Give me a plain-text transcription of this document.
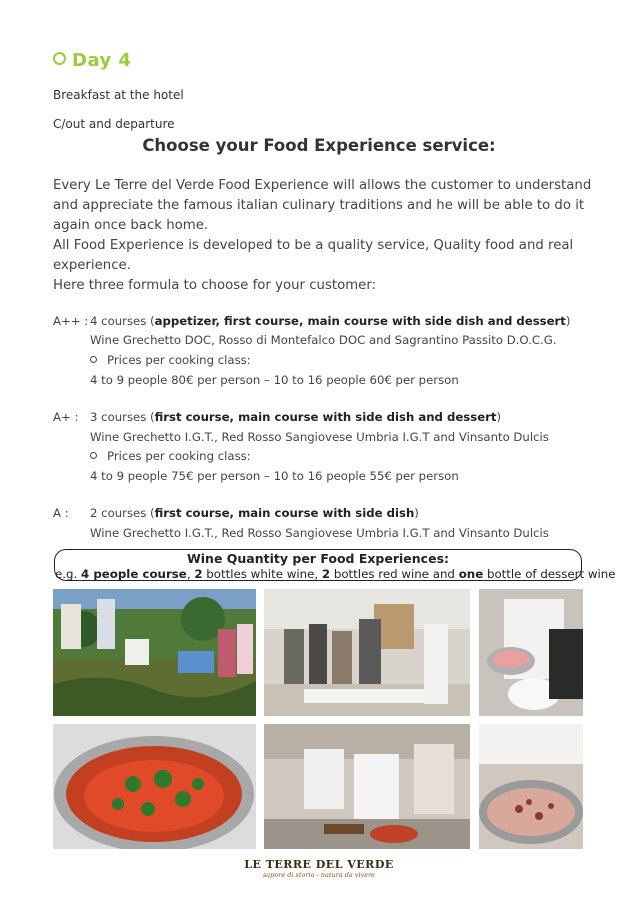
Day 4
Breakfast at the hotel
C/out and departure
Choose your Food Experience service:

Every Le Terre del Verde Food Experience will allows the customer to understand and appreciate the famous italian culinary traditions and he will be able to do it again once back home.

All Food Experience is developed to be a quality service, Quality food and real experience.

Here three formula to choose for your customer:

A++ : 4 courses (appetizer, first course, main course with side dish and dessert)
Wine Grechetto DOC, Rosso di Montefalco DOC and Sagrantino Passito D.O.C.G.
Prices per cooking class:
4 to 9 people 80€ per person – 10 to 16 people 60€ per person
A+ : 3 courses (first course, main course with side dish and dessert)
Wine Grechetto I.G.T., Red Rosso Sangiovese Umbria I.G.T and Vinsanto Dulcis
Prices per cooking class:
4 to 9 people 75€ per person – 10 to 16 people 55€ per person
A : 2 courses (first course, main course with side dish)
Wine Grechetto I.G.T., Red Rosso Sangiovese Umbria I.G.T and Vinsanto Dulcis
Wine Quantity per Food Experiences:
e.g. 4 people course, 2 bottles white wine, 2 bottles red wine and one bottle of dessert wine
LE TERRE DEL VERDE
sapore di storia - natura da vivere
